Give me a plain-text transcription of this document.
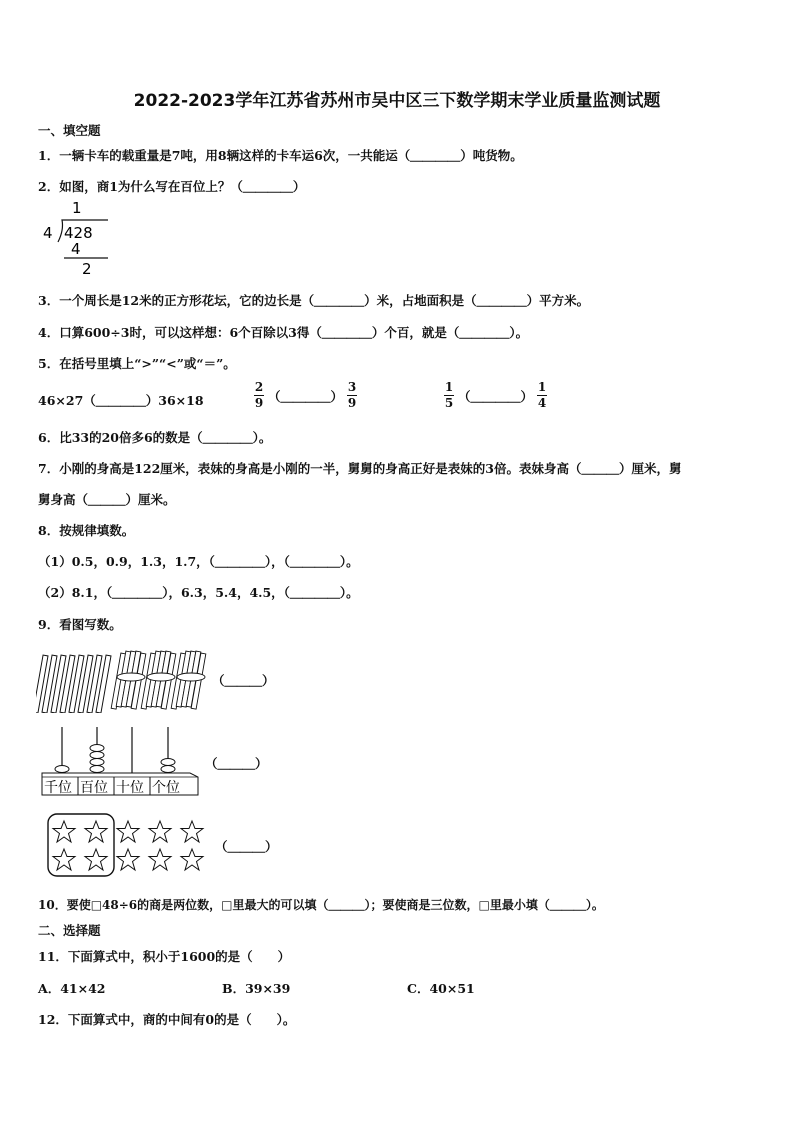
2022-2023学年江苏省苏州市吴中区三下数学期末学业质量监测试题
一、填空题
1．一辆卡车的载重量是7吨，用8辆这样的卡车运6次，一共能运（＿＿＿＿）吨货物。
2．如图，商1为什么写在百位上？（＿＿＿＿）
1
4 428
4
2
3．一个周长是12米的正方形花坛，它的边长是（＿＿＿＿）米，占地面积是（＿＿＿＿）平方米。
4．口算600÷3时，可以这样想：6个百除以3得（＿＿＿＿）个百，就是（＿＿＿＿）。
5．在括号里填上“>”“<”或“＝”。
46×27（＿＿＿＿）36×18	$\frac{2}{9}$ （＿＿＿＿） $\frac{3}{9}$	$\frac{1}{5}$ （＿＿＿＿） $\frac{1}{4}$
6．比33的20倍多6的数是（＿＿＿＿）。
7．小刚的身高是122厘米，表妹的身高是小刚的一半，舅舅的身高正好是表妹的3倍。表妹身高（＿＿＿）厘米，舅
舅身高（＿＿＿）厘米。
8．按规律填数。
（1）0.5，0.9，1.3，1.7，（＿＿＿＿），（＿＿＿＿）。
（2）8.1，（＿＿＿＿），6.3，5.4，4.5，（＿＿＿＿）。
9．看图写数。
（＿＿＿）
千位 百位 十位 个位
（＿＿＿）
（＿＿＿）
10．要使□48÷6的商是两位数，□里最大的可以填（＿＿＿）；要使商是三位数，□里最小填（＿＿＿）。
二、选择题
11．下面算式中，积小于1600的是（　　）
A．41×42	B．39×39	C．40×51
12．下面算式中，商的中间有0的是（　　）。
